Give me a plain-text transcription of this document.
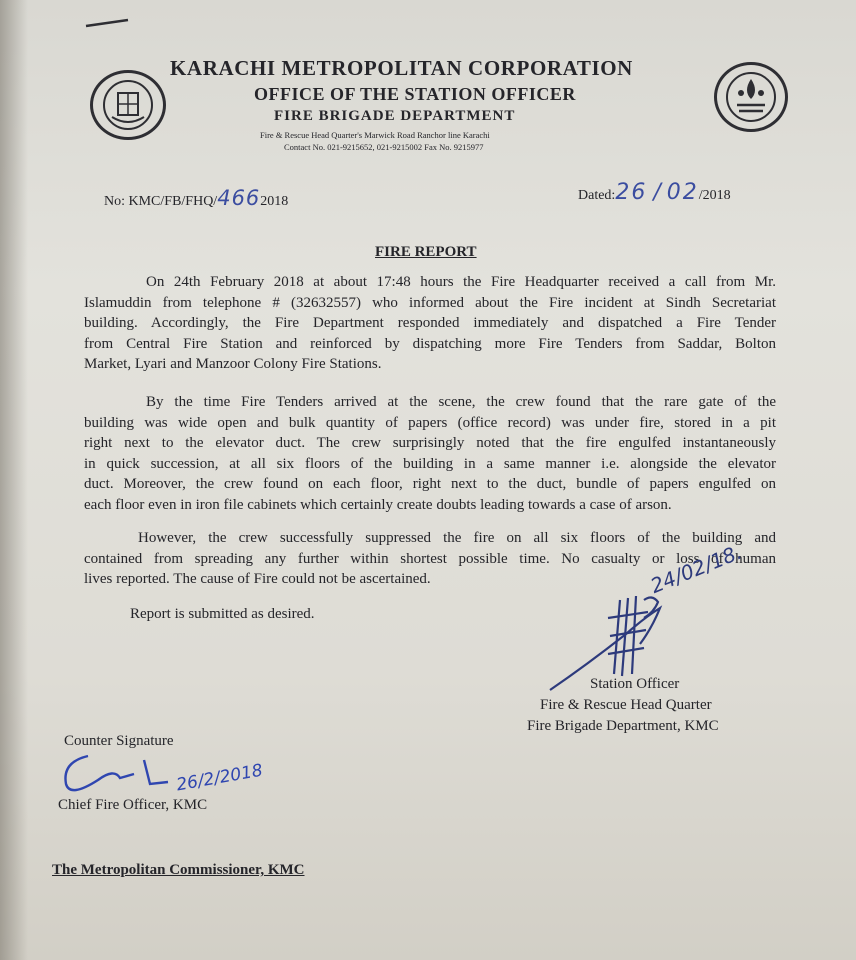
KARACHI METROPOLITAN CORPORATION
OFFICE OF THE STATION OFFICER
FIRE BRIGADE DEPARTMENT
Fire & Rescue Head Quarter's Marwick Road Ranchor line Karachi
Contact No. 021-9215652, 021-9215002 Fax No. 9215977
No: KMC/FB/FHQ/4662018	Dated:26 / 02/2018
FIRE REPORT
On 24th February 2018 at about 17:48 hours the Fire Headquarter received a call from Mr.
Islamuddin from telephone # (32632557) who informed about the Fire incident at Sindh Secretariat
building. Accordingly, the Fire Department responded immediately and dispatched a Fire Tender
from Central Fire Station and reinforced by dispatching more Fire Tenders from Saddar, Bolton
Market, Lyari and Manzoor Colony Fire Stations.
By the time Fire Tenders arrived at the scene, the crew found that the rare gate of the
building was wide open and bulk quantity of papers (office record) was under fire, stored in a pit
right next to the elevator duct. The crew surprisingly noted that the fire engulfed instantaneously
in quick succession, at all six floors of the building in a same manner i.e. alongside the elevator
duct. Moreover, the crew found on each floor, right next to the duct, bundle of papers engulfed on
each floor even in iron file cabinets which certainly create doubts leading towards a case of arson.
However, the crew successfully suppressed the fire on all six floors of the building and
contained from spreading any further within shortest possible time. No casualty or loss of human
lives reported. The cause of Fire could not be ascertained.
Report is submitted as desired.
24/02/18.
Station Officer
Fire & Rescue Head Quarter
Fire Brigade Department, KMC
Counter Signature
26/2/2018
Chief Fire Officer, KMC
The Metropolitan Commissioner, KMC
